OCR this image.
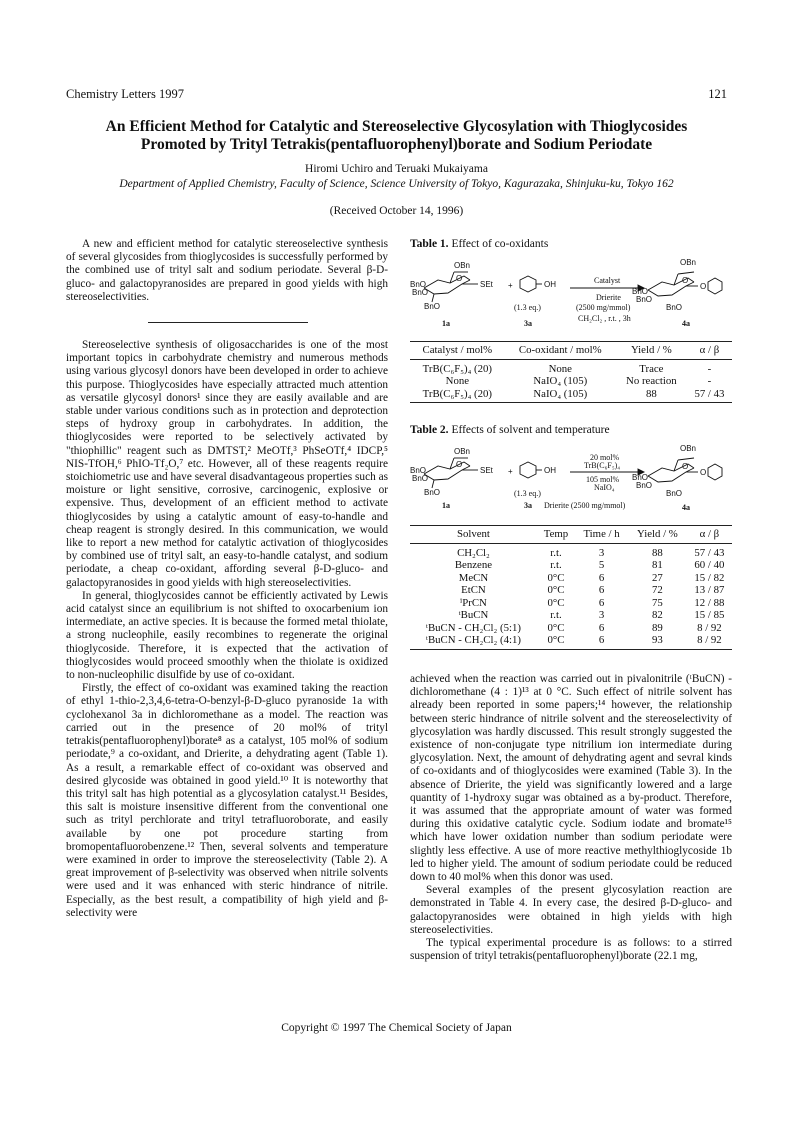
Chemistry Letters 1997	121
An Efficient Method for Catalytic and Stereoselective Glycosylation with Thioglycosides
Promoted by Trityl Tetrakis(pentafluorophenyl)borate and Sodium Periodate
Hiromi Uchiro and Teruaki Mukaiyama
Department of Applied Chemistry, Faculty of Science, Science University of Tokyo, Kagurazaka, Shinjuku-ku, Tokyo 162
(Received October 14, 1996)

A new and efficient method for catalytic stereoselective synthesis of several glycosides from thioglycosides is successfully performed by the combined use of trityl salt and sodium periodate. Several β-D-gluco- and galactopyranosides are prepared in good yields with high stereoselectivities.

Stereoselective synthesis of oligosaccharides is one of the most important topics in carbohydrate chemistry and numerous methods using various glycosyl donors have been developed in order to achieve this purpose. Thioglycosides have especially attracted much attention as versatile glycosyl donors¹ since they are easily available and are stable under various conditions such as in protection and deprotection steps of hydroxy group in carbohydrates. In addition, the thioglycosides were reported to be selectively activated by "thiophillic" reagent such as DMTST,² MeOTf,³ PhSeOTf,⁴ IDCP,⁵ NIS-TfOH,⁶ PhIO-Tf₂O,⁷ etc. However, all of these reagents require stoichiometric use and have several disadvantageous properties such as moisture or light sensitive, corrosive, carcinogenic, explosive or expensive. Thus, development of an efficient method to activate thioglycosides by using a catalytic amount of easy-to-handle and cheap reagent is strongly desired. In this communication, we would like to report a new method for catalytic activation of thioglycosides by combined use of trityl salt, an easy-to-handle catalyst, and sodium periodate, a cheap co-oxidant, affording several β-D-gluco- and galactopyranosides in good yields with high stereoselectivities.

In general, thioglycosides cannot be efficiently activated by Lewis acid catalyst since an equilibrium is not shifted to oxocarbenium ion intermediate, an active species. It is because the formed metal thiolate, a strong nucleophile, easily recombines to regenerate the original thioglycoside. Therefore, it is expected that the activation of thioglycosides would proceed smoothly when the thiolate is oxidized to non-nucleophilic disulfide by use of co-oxidant.

Firstly, the effect of co-oxidant was examined taking the reaction of ethyl 1-thio-2,3,4,6-tetra-O-benzyl-β-D-gluco pyranoside 1a with cyclohexanol 3a in dichloromethane as a model. The reaction was carried out in the presence of 20 mol% of trityl tetrakis(pentafluorophenyl)borate⁸ as a catalyst, 105 mol% of sodium periodate,⁹ a co-oxidant, and Drierite, a dehydrating agent (Table 1). As a result, a remarkable effect of co-oxidant was observed and desired glycoside was obtained in good yield.¹⁰ It is noteworthy that this trityl salt has high potential as a glycosylation catalyst.¹¹ Besides, this salt is moisture insensitive different from the conventional one such as trityl perchlorate and trityl tetrafluoroborate, and easily available by one pot procedure starting from bromopentafluorobenzene.¹² Then, several solvents and temperature were examined in order to improve the stereoselectivity (Table 2). A great improvement of β-selectivity was observed when nitrile solvents were used and it was enhanced with steric hindrance of nitrile. Especially, as the best result, a compatibility of high yield and β-selectivity were

Table 1. Effect of co-oxidants
OBn
BnO
BnO
BnO
O
SEt +	OH
OBn
BnO
BnO
BnO
O
O
Catalyst
Drierite
(2500 mg/mmol)
CH₂Cl₂ , r.t. , 3h
(1.3 eq.)
1a	3a	4a
Catalyst / mol%	Co-oxidant / mol%	Yield / %	α / β
TrB(C₆F₅)₄ (20)	None	Trace	-
None	NaIO₄ (105)	No reaction	-
TrB(C₆F₅)₄ (20)	NaIO₄ (105)	88	57 / 43
Table 2. Effects of solvent and temperature
OBn
BnO
BnO
BnO
O
SEt +	OH
OBn
BnO
BnO
BnO
O
O
20 mol%
TrB(C₆F₅)₄
105 mol%
NaIO₄
(1.3 eq.)
1a	3a Drierite (2500 mg/mmol)	4a
Solvent	Temp	Time / h	Yield / %	α / β
CH₂Cl₂	r.t.	3	88	57 / 43
Benzene	r.t.	5	81	60 / 40
MeCN	0°C	6	27	15 / 82
EtCN	0°C	6	72	13 / 87
ⁱPrCN	0°C	6	75	12 / 88
ᵗBuCN	r.t.	3	82	15 / 85
ᵗBuCN - CH₂Cl₂ (5:1)	0°C	6	89	8 / 92
ᵗBuCN - CH₂Cl₂ (4:1)	0°C	6	93	8 / 92

achieved when the reaction was carried out in pivalonitrile (ᵗBuCN) - dichloromethane (4 : 1)¹³ at 0 °C. Such effect of nitrile solvent has already been reported in some papers;¹⁴ however, the relationship between steric hindrance of nitrile solvent and the stereoselectivity of glycosylation was hardly discussed. This result strongly suggested the existence of non-conjugate type nitrilium ion intermediate during glycosylation. Next, the amount of dehydrating agent and sevral kinds of co-oxidants and of thioglycosides were examined (Table 3). In the absence of Drierite, the yield was significantly lowered and a large quantity of 1-hydroxy sugar was obtained as a by-product. Therefore, it was assumed that the appropriate amount of water was formed during this oxidative catalytic cycle. Sodium iodate and bromate¹⁵ which have lower oxidation number than sodium periodate were slightly less effective. A use of more reactive methylthioglycoside 1b led to higher yield. The amount of sodium periodate could be reduced down to 40 mol% when this donor was used.

Several examples of the present glycosylation reaction are demonstrated in Table 4. In every case, the desired β-D-gluco- and galactopyranosides were obtained in high yields with high stereoselectivities.

The typical experimental procedure is as follows: to a stirred suspension of trityl tetrakis(pentafluorophenyl)borate (22.1 mg,

Copyright © 1997 The Chemical Society of Japan
